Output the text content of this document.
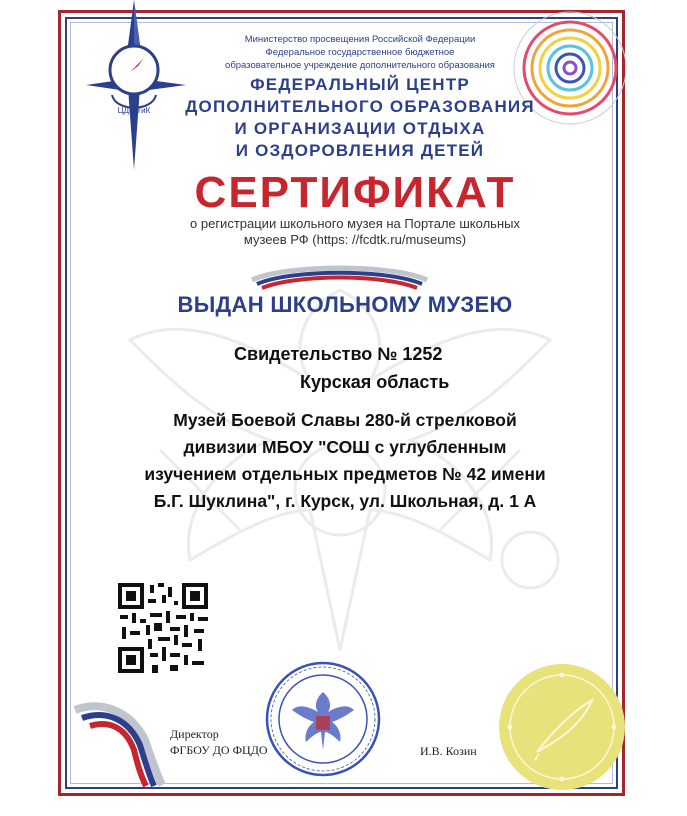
ЦДЮТиК
Министерство просвещения Российской Федерации
Федеральное государственное бюджетное
образовательное учреждение дополнительного образования
ФЕДЕРАЛЬНЫЙ ЦЕНТР
ДОПОЛНИТЕЛЬНОГО ОБРАЗОВАНИЯ
И ОРГАНИЗАЦИИ ОТДЫХА
И ОЗДОРОВЛЕНИЯ ДЕТЕЙ
СЕРТИФИКАТ
о регистрации школьного музея на Портале школьных
музеев РФ (https: //fcdtk.ru/museums)
ВЫДАН ШКОЛЬНОМУ МУЗЕЮ
Свидетельство № 1252
Курская область
Музей Боевой Славы 280-й стрелковой
дивизии МБОУ "СОШ с углубленным
изучением отдельных предметов № 42 имени
Б.Г. Шуклина", г. Курск, ул. Школьная, д. 1 А
Директор
ФГБОУ ДО ФЦДО	И.В. Козин
